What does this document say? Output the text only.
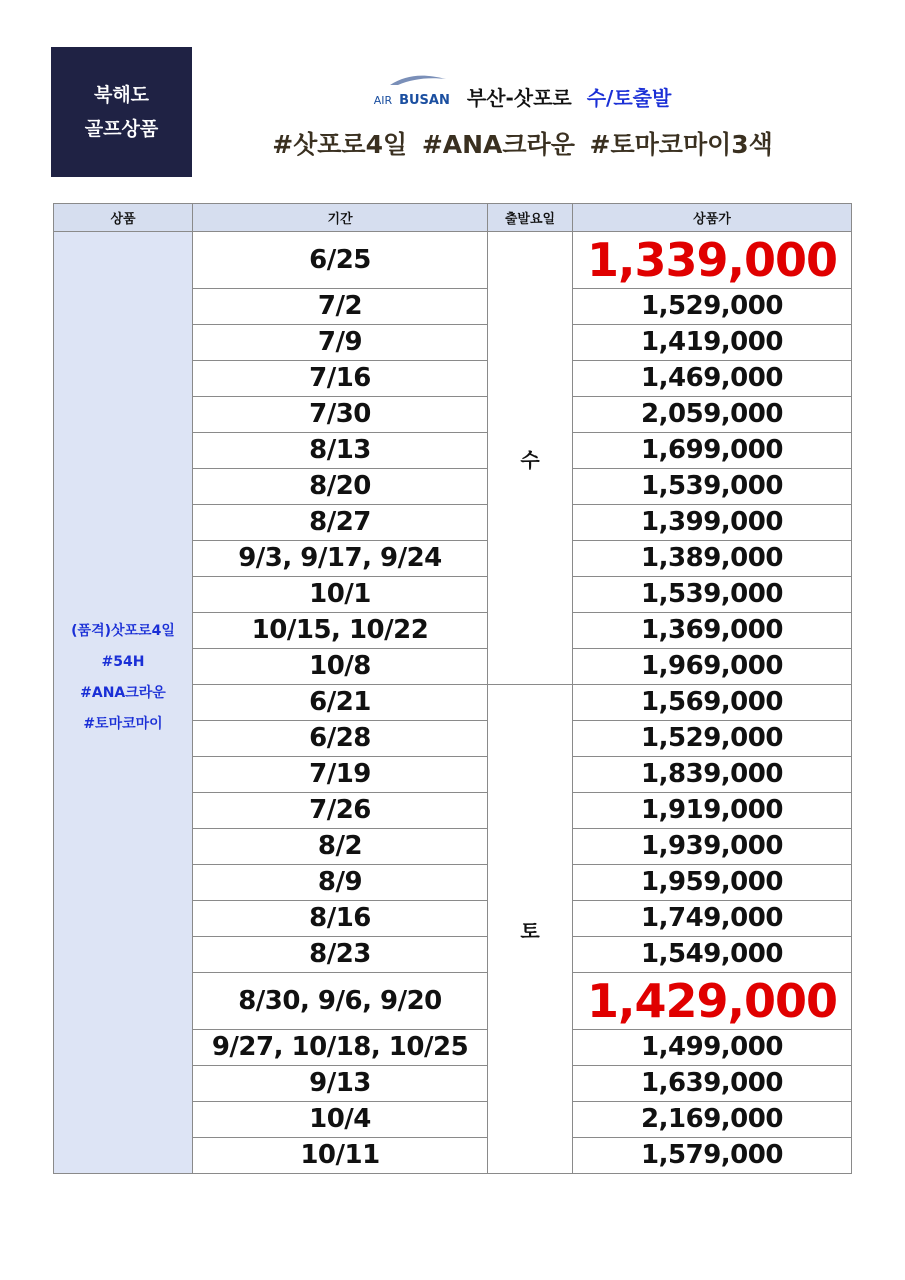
북해도
골프상품
AIR BUSAN 부산-삿포로 수/토출발
#삿포로4일 #ANA크라운 #토마코마이3색
상품	기간	출발요일	상품가

(품격)삿포로4일
#54H
#ANA크라운
#토마코마이	6/25	수	1,339,000
	7/2		1,529,000
	7/9		1,419,000
	7/16		1,469,000
	7/30		2,059,000
	8/13		1,699,000
	8/20		1,539,000
	8/27		1,399,000
	9/3, 9/17, 9/24		1,389,000
	10/1		1,539,000
	10/15, 10/22		1,369,000
	10/8		1,969,000
	6/21	토	1,569,000
	6/28		1,529,000
	7/19		1,839,000
	7/26		1,919,000
	8/2		1,939,000
	8/9		1,959,000
	8/16		1,749,000
	8/23		1,549,000
	8/30, 9/6, 9/20		1,429,000
	9/27, 10/18, 10/25		1,499,000
	9/13		1,639,000
	10/4		2,169,000
	10/11		1,579,000
